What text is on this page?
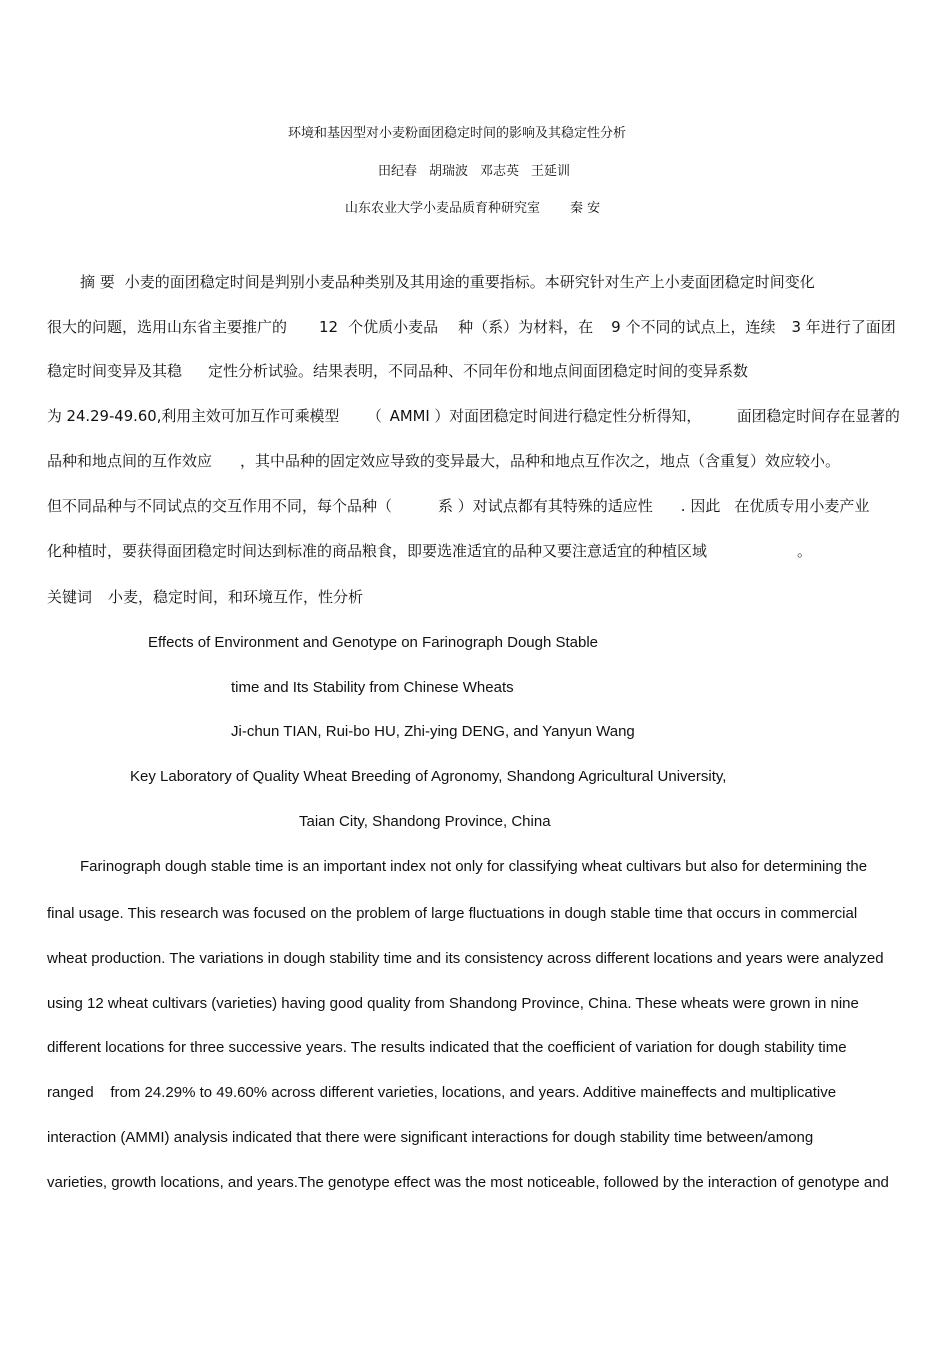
环境和基因型对小麦粉面团稳定时间的影响及其稳定性分析

田纪春 胡瑞波 邓志英 王延训
山东农业大学小麦品质育种研究室 秦 安
摘 要 小麦的面团稳定时间是判别小麦品种类别及其用途的重要指标。本研究针对生产上小麦面团稳定时间变化
很大的问题，选用山东省主要推广的 12 个优质小麦品 种（系）为材料，在 9 个不同的试点上，连续 3 年进行了面团
稳定时间变异及其稳 定性分析试验。结果表明，不同品种、不同年份和地点间面团稳定时间的变异系数
为 24.29-49.60,利用主效可加互作可乘模型 （ AMMI ）对面团稳定时间进行稳定性分析得知， 面团稳定时间存在显著的
品种和地点间的互作效应 ，其中品种的固定效应导致的变异最大，品种和地点互作次之，地点（含重复）效应较小。
但不同品种与不同试点的交互作用不同，每个品种（	系 ）对试点都有其特殊的适应性 . 因此 在优质专用小麦产业
化种植时，要获得面团稳定时间达到标准的商品粮食，即要选准适宜的品种又要注意适宜的种植区域	。
关键词 小麦，稳定时间，和环境互作，性分析

Effects of Environment and Genotype on Farinograph Dough Stable

time and Its Stability from Chinese Wheats

Ji-chun TIAN, Rui-bo HU, Zhi-ying DENG, and Yanyun Wang

Key Laboratory of Quality Wheat Breeding of Agronomy, Shandong Agricultural University,

Taian City, Shandong Province, China

Farinograph dough stable time is an important index not only for classifying wheat cultivars but also for determining the

final usage. This research was focused on the problem of large fluctuations in dough stable time that occurs in commercial

wheat production. The variations in dough stability time and its consistency across different locations and years were analyzed

using 12 wheat cultivars (varieties) having good quality from Shandong Province, China. These wheats were grown in nine

different locations for three successive years. The results indicated that the coefficient of variation for dough stability time

ranged    from 24.29% to 49.60% across different varieties, locations, and years. Additive maineffects and multiplicative

interaction (AMMI) analysis indicated that there were significant interactions for dough stability time between/among

varieties, growth locations, and years.The genotype effect was the most noticeable, followed by the interaction of genotype and
